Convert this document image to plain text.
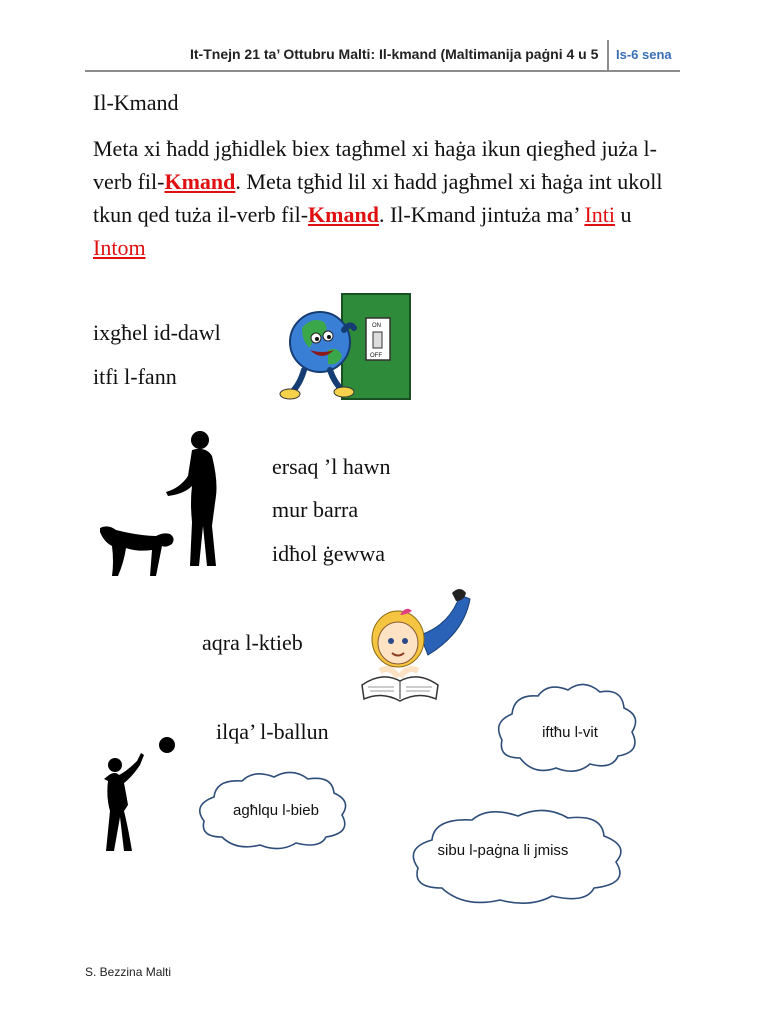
It-Tnejn 21 ta’ Ottubru Malti: Il-kmand (Maltimanija paġni 4 u 5 Is-6 sena
Il-Kmand
Meta xi ħadd jgħidlek biex tagħmel xi ħaġa ikun qiegħed juża l-verb fil-Kmand. Meta tgħid lil xi ħadd jagħmel xi ħaġa int ukoll tkun qed tuża il-verb fil-Kmand. Il-Kmand jintuża ma’ Inti u Intom
ixgħel id-dawl
itfi l-fann
ersaq ’l hawn
mur barra
idħol ġewwa
aqra l-ktieb
ilqa’ l-ballun
ON
OFF
iftħu l-vit
agħlqu l-bieb
sibu l-paġna li jmiss
S. Bezzina Malti
